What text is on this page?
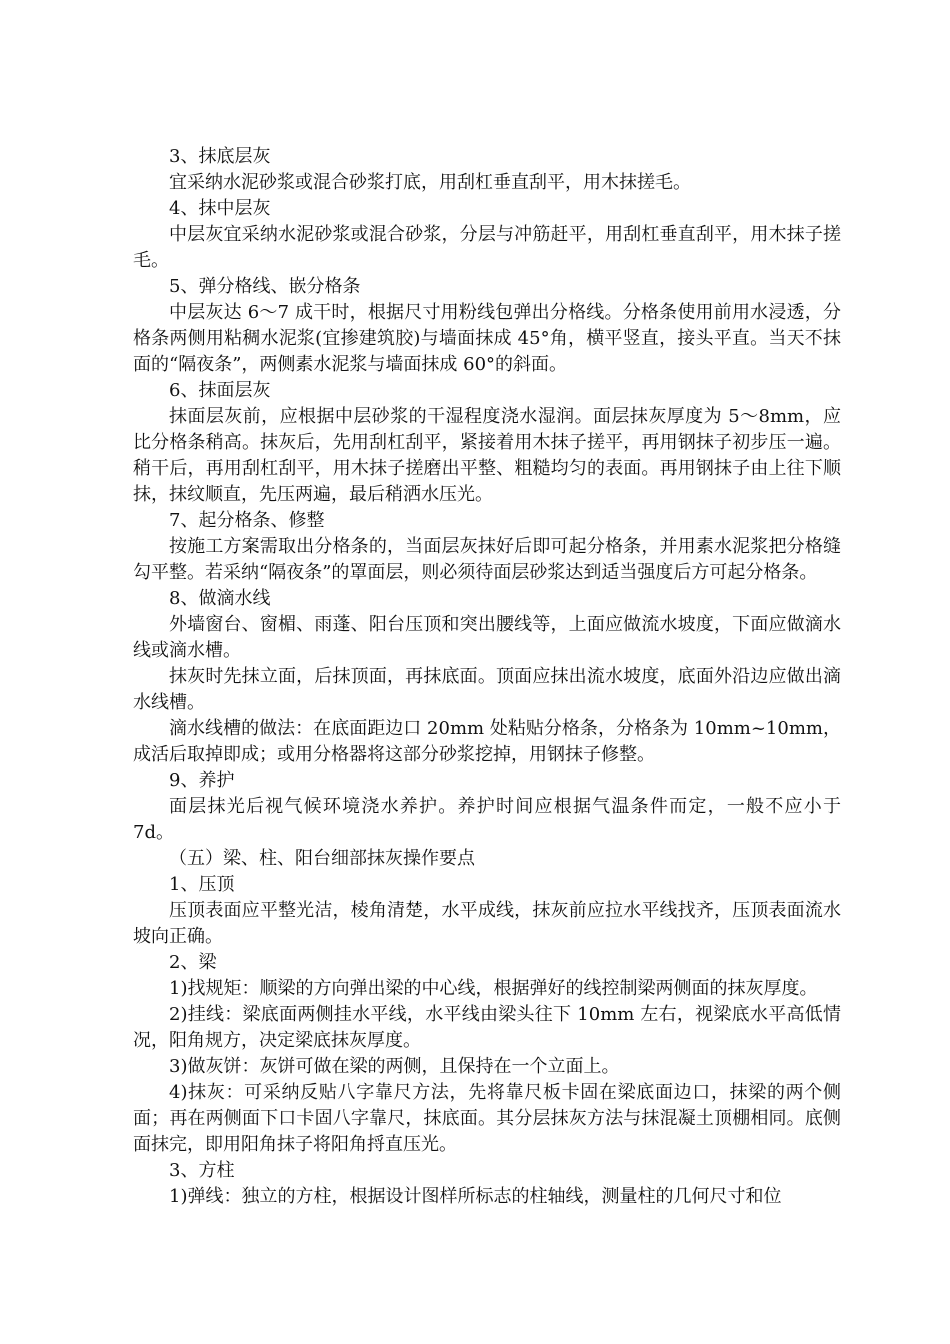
3、抹底层灰

宜采纳水泥砂浆或混合砂浆打底，用刮杠垂直刮平，用木抹搓毛。

4、抹中层灰

中层灰宜采纳水泥砂浆或混合砂浆，分层与冲筋赶平，用刮杠垂直刮平，用木抹子搓毛。

5、弹分格线、嵌分格条

中层灰达 6～7 成干时，根据尺寸用粉线包弹出分格线。分格条使用前用水浸透，分格条两侧用粘稠水泥浆(宜掺建筑胶)与墙面抹成 45°角，横平竖直，接头平直。当天不抹面的“隔夜条”，两侧素水泥浆与墙面抹成 60°的斜面。

6、抹面层灰

抹面层灰前，应根据中层砂浆的干湿程度浇水湿润。面层抹灰厚度为 5～8mm，应比分格条稍高。抹灰后，先用刮杠刮平，紧接着用木抹子搓平，再用钢抹子初步压一遍。稍干后，再用刮杠刮平，用木抹子搓磨出平整、粗糙均匀的表面。再用钢抹子由上往下顺抹，抹纹顺直，先压两遍，最后稍洒水压光。

7、起分格条、修整

按施工方案需取出分格条的，当面层灰抹好后即可起分格条，并用素水泥浆把分格缝勾平整。若采纳“隔夜条”的罩面层，则必须待面层砂浆达到适当强度后方可起分格条。

8、做滴水线

外墙窗台、窗楣、雨蓬、阳台压顶和突出腰线等，上面应做流水坡度，下面应做滴水线或滴水槽。

抹灰时先抹立面，后抹顶面，再抹底面。顶面应抹出流水坡度，底面外沿边应做出滴水线槽。

滴水线槽的做法：在底面距边口 20mm 处粘贴分格条，分格条为 10mm~10mm，成活后取掉即成；或用分格器将这部分砂浆挖掉，用钢抹子修整。

9、养护

面层抹光后视气候环境浇水养护。养护时间应根据气温条件而定，一般不应小于 7d。

（五）梁、柱、阳台细部抹灰操作要点

1、压顶

压顶表面应平整光洁，棱角清楚，水平成线，抹灰前应拉水平线找齐，压顶表面流水坡向正确。

2、梁

1)找规矩：顺梁的方向弹出梁的中心线，根据弹好的线控制梁两侧面的抹灰厚度。

2)挂线：梁底面两侧挂水平线，水平线由梁头往下 10mm 左右，视梁底水平高低情况，阳角规方，决定梁底抹灰厚度。

3)做灰饼：灰饼可做在梁的两侧，且保持在一个立面上。

4)抹灰：可采纳反贴八字靠尺方法，先将靠尺板卡固在梁底面边口，抹梁的两个侧面；再在两侧面下口卡固八字靠尺，抹底面。其分层抹灰方法与抹混凝土顶棚相同。底侧面抹完，即用阳角抹子将阳角捋直压光。

3、方柱

1)弹线：独立的方柱，根据设计图样所标志的柱轴线，测量柱的几何尺寸和位
